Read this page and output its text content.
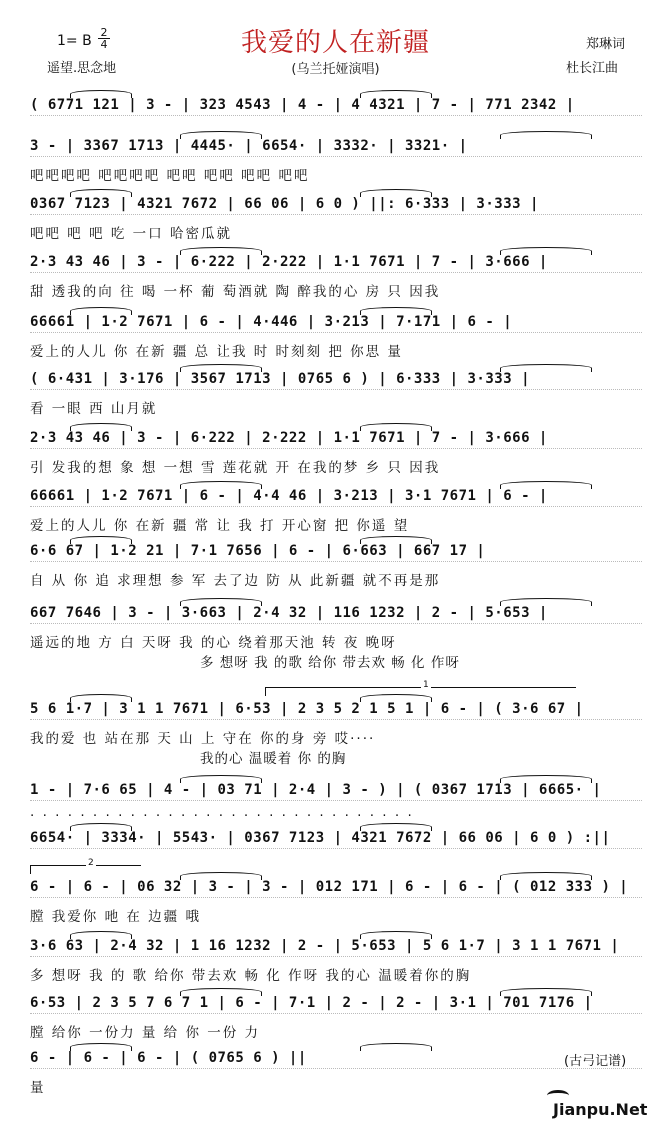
我爱的人在新疆
(乌兰托娅演唱)
1= B $\frac{2}{4}$
遥望.思念地
郑琳词
杜长江曲
( 6771 121 | 3 - | 323 4543 | 4 - | 4 4321 | 7 - | 771 2342 |
3 - | 3367 1713 | 4445· | 6654· | 3332· | 3321· |
吧吧吧吧 吧吧吧吧 吧吧 吧吧 吧吧 吧吧
0367 7123 | 4321 7672 | 66 06 | 6 0 ) ||: 6·333 | 3·333 |
吧吧 吧 吧 吃 一口 哈密瓜就
2·3 43 46 | 3 - | 6·222 | 2·222 | 1·1 7671 | 7 - | 3·666 |
甜 透我的向 往 喝 一杯 葡 萄酒就 陶 醉我的心 房 只 因我
66661 | 1·2 7671 | 6 - | 4·446 | 3·213 | 7·171 | 6 - |
爱上的人儿 你 在新 疆 总 让我 时 时刻刻 把 你思 量
( 6·431 | 3·176 | 3567 1713 | 0765 6 ) | 6·333 | 3·333 |
看 一眼 西 山月就
2·3 43 46 | 3 - | 6·222 | 2·222 | 1·1 7671 | 7 - | 3·666 |
引 发我的想 象 想 一想 雪 莲花就 开 在我的梦 乡 只 因我
66661 | 1·2 7671 | 6 - | 4·4 46 | 3·213 | 3·1 7671 | 6 - |
爱上的人儿 你 在新 疆 常 让 我 打 开心窗 把 你遥 望
6·6 67 | 1·2 21 | 7·1 7656 | 6 - | 6·663 | 667 17 |
自 从 你 追 求理想 参 军 去了边 防 从 此新疆 就不再是那
667 7646 | 3 - | 3·663 | 2·4 32 | 116 1232 | 2 - | 5·653 |
遥远的地 方 白 天呀 我 的心 绕着那天池 转 夜 晚呀
多 想呀 我 的歌 给你 带去欢 畅 化 作呀
5 6 1·7 | 3 1 1 7671 | 6·53 | 2 3 5 2 1 5 1 | 6 - | ( 3·6 67 |
1
我的爱 也 站在那 天 山 上 守在 你的身 旁 哎····
我的心 温暖着 你 的胸
1 - | 7·6 65 | 4 - | 03 71 | 2·4 | 3 - ) | ( 0367 1713 | 6665· |
· · · · · · · · · · · · · · · · · · · · · · · · · · · · · · ·
6654· | 3334· | 5543· | 0367 7123 | 4321 7672 | 66 06 | 6 0 ) :||
6 - | 6 - | 06 32 | 3 - | 3 - | 012 171 | 6 - | 6 - | ( 012 333 ) |
2
膛 我爱你 吔 在 边疆 哦
3·6 63 | 2·4 32 | 1 16 1232 | 2 - | 5·653 | 5 6 1·7 | 3 1 1 7671 |
多 想呀 我 的 歌 给你 带去欢 畅 化 作呀 我的心 温暖着你的胸
6·53 | 2 3 5 7 6 7 1 | 6 - | 7·1 | 2 - | 2 - | 3·1 | 701 7176 |
膛 给你 一份力 量 给 你 一份 力
6 - | 6 - | 6 - | ( 0765 6 ) ||
量
(古弓记谱)
Jianpu.Net
